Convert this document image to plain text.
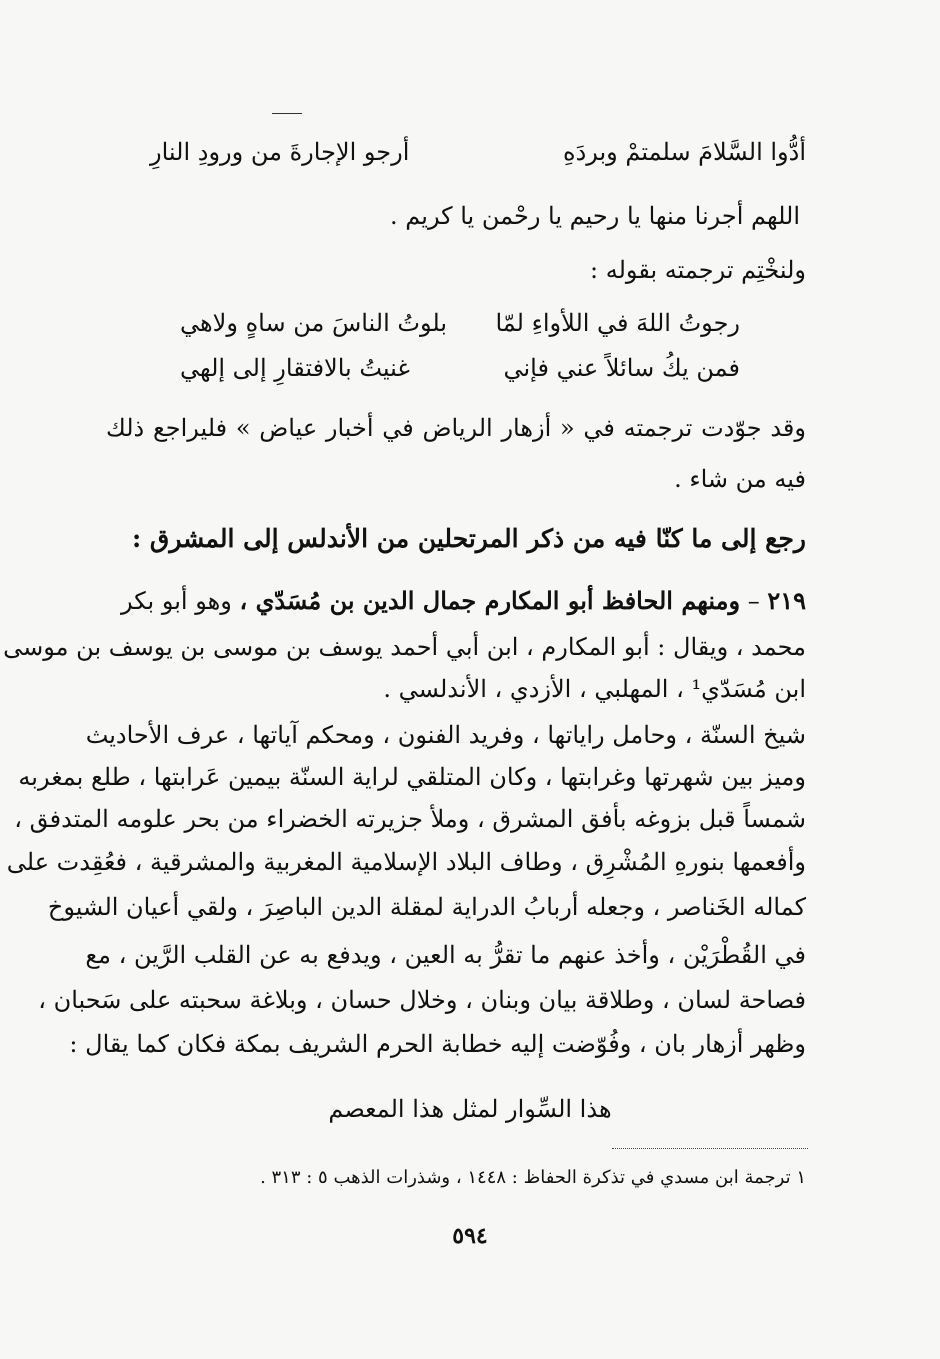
أدُّوا السَّلامَ سلمتمْ وبردَهِ
أرجو الإجارةَ من ورودِ النارِ
اللهم أجرنا منها يا رحيم يا رحْمن يا كريم .
ولنخْتِم ترجمته بقوله :
رجوتُ اللهَ في اللأواءِ لمّا
بلوتُ الناسَ من ساهٍ ولاهي
فمن يكُ سائلاً عني فإني
غنيتُ بالافتقارِ إلى إلهي
وقد جوّدت ترجمته في « أزهار الرياض في أخبار عياض » فليراجع ذلك
فيه من شاء .
رجع إلى ما كنّا فيه من ذكر المرتحلين من الأندلس إلى المشرق :
٢١٩ – ومنهم الحافظ أبو المكارم جمال الدين بن مُسَدّي ، وهو أبو بكر
محمد ، ويقال : أبو المكارم ، ابن أبي أحمد يوسف بن موسى بن يوسف بن موسى
ابن مُسَدّي¹ ، المهلبي ، الأزدي ، الأندلسي .
شيخ السنّة ، وحامل راياتها ، وفريد الفنون ، ومحكم آياتها ، عرف الأحاديث
وميز بين شهرتها وغرابتها ، وكان المتلقي لراية السنّة بيمين عَرابتها ، طلع بمغربه
شمساً قبل بزوغه بأفق المشرق ، وملأ جزيرته الخضراء من بحر علومه المتدفق ،
وأفعمها بنورهِ المُشْرِق ، وطاف البلاد الإسلامية المغربية والمشرقية ، فعُقِدت على
كماله الخَناصر ، وجعله أربابُ الدراية لمقلة الدين الباصِرَ ، ولقي أعيان الشيوخ
في القُطْرَيْن ، وأخذ عنهم ما تقرُّ به العين ، ويدفع به عن القلب الرَّين ، مع
فصاحة لسان ، وطلاقة بيان وبنان ، وخلال حسان ، وبلاغة سحبته على سَحبان ،
وظهر أزهار بان ، وفُوّضت إليه خطابة الحرم الشريف بمكة فكان كما يقال :
هذا السِّوار لمثل هذا المعصم
١ ترجمة ابن مسدي في تذكرة الحفاظ : ١٤٤٨ ، وشذرات الذهب ٥ : ٣١٣ .
٥٩٤
